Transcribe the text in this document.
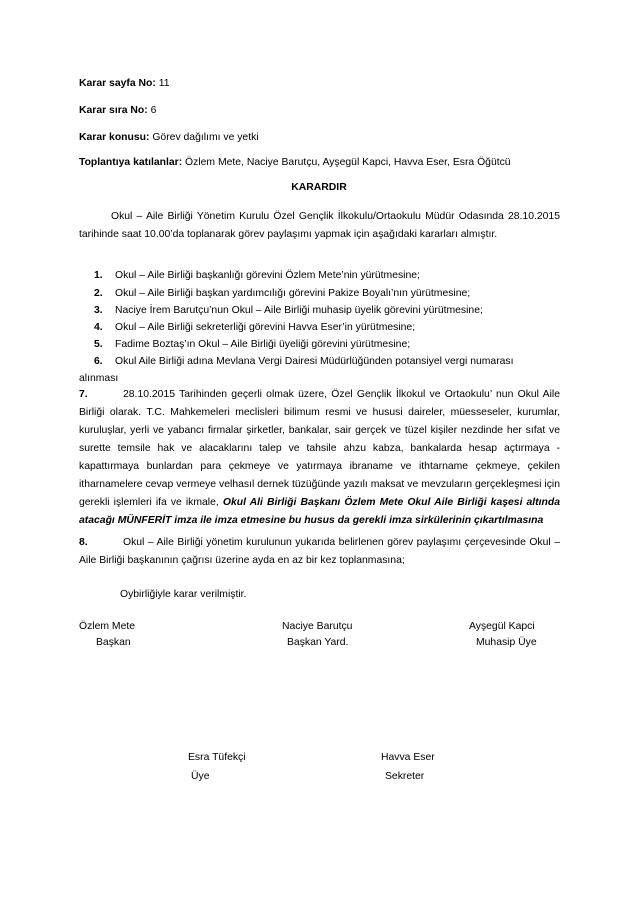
Karar sayfa No: 11
Karar sıra No: 6
Karar konusu: Görev dağılımı ve yetki
Toplantıya katılanlar: Özlem Mete, Naciye Barutçu, Ayşegül Kapci, Havva Eser, Esra Öğütcü
KARARDIR
Okul – Aile Birliği Yönetim Kurulu Özel Gençlik İlkokulu/Ortaokulu Müdür Odasında 28.10.2015 tarihinde saat 10.00’da toplanarak görev paylaşımı yapmak için aşağıdaki kararları almıştır.
1. Okul – Aile Birliği başkanlığı görevini Özlem Mete’nin yürütmesine;
2. Okul – Aile Birliği başkan yardımcılığı görevini Pakize Boyalı’nın yürütmesine;
3. Naciye İrem Barutçu’nun Okul – Aile Birliği muhasip üyelik görevini yürütmesine;
4. Okul – Aile Birliği sekreterliği görevini Havva Eser’in yürütmesine;
5. Fadime Boztaş’ın Okul – Aile Birliği üyeliği görevini yürütmesine;
6. Okul Aile Birliği adına Mevlana Vergi Dairesi Müdürlüğünden potansiyel vergi numarası
alınması
7.	28.10.2015 Tarihinden geçerli olmak üzere, Özel Gençlik İlkokul ve Ortaokulu’ nun Okul Aile Birliği olarak. T.C. Mahkemeleri meclisleri bilimum resmi ve hususi daireler, müesseseler, kurumlar, kuruluşlar, yerli ve yabancı firmalar şirketler, bankalar, sair gerçek ve tüzel kişiler nezdinde her sıfat ve surette temsile hak ve alacaklarını talep ve tahsile ahzu kabza, bankalarda hesap açtırmaya - kapattırmaya bunlardan para çekmeye ve yatırmaya ibraname ve ithtarname çekmeye, çekilen itharnamelere cevap vermeye velhasıl dernek tüzüğünde yazılı maksat ve mevzuların gerçekleşmesi için gerekli işlemleri ifa ve ikmale, Okul Ali Birliği Başkanı Özlem Mete Okul Aile Birliği kaşesi altında atacağı MÜNFERİT imza ile imza etmesine bu husus da gerekli imza sirkülerinin çıkartılmasına
8.	Okul – Aile Birliği yönetim kurulunun yukarıda belirlenen görev paylaşımı çerçevesinde Okul – Aile Birliği başkanının çağrısı üzerine ayda en az bir kez toplanmasına;
Oybirliğiyle karar verilmiştir.
Özlem Mete
Başkan
Naciye Barutçu
Başkan Yard.
Ayşegül Kapci
Muhasip Üye
Esra Tüfekçi
Üye
Havva Eser
Sekreter
